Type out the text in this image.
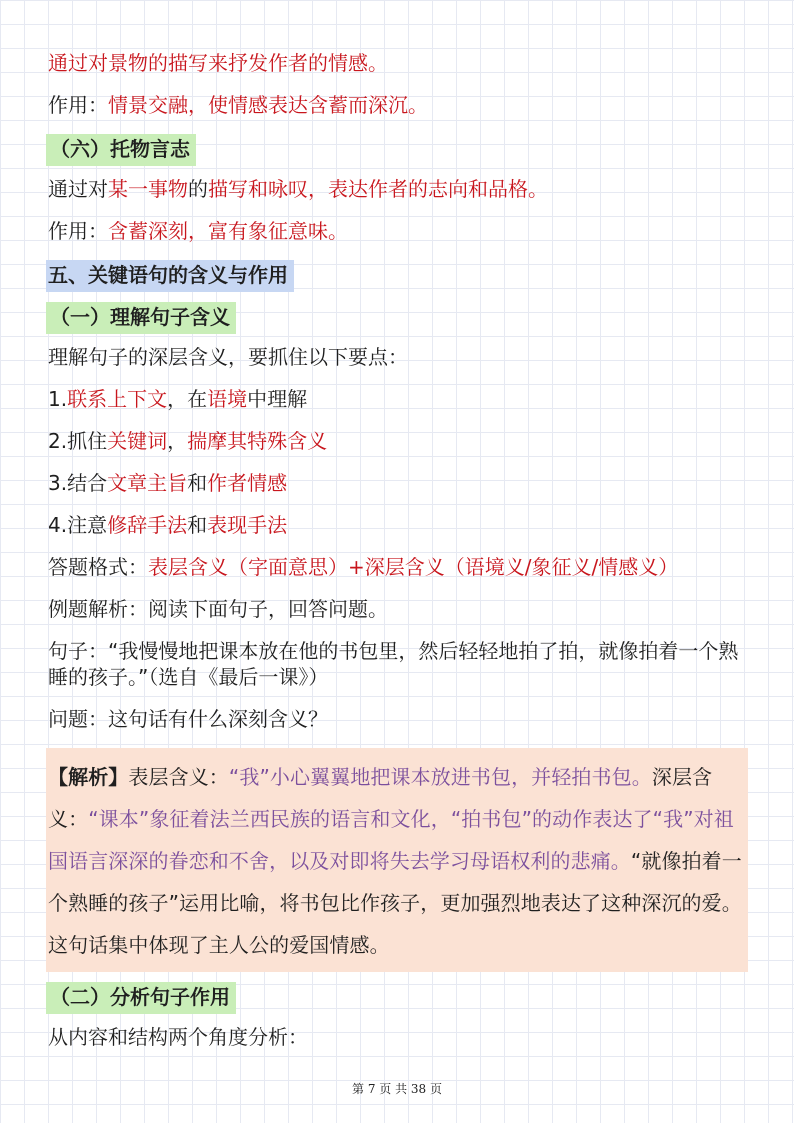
通过对景物的描写来抒发作者的情感。
作用：情景交融，使情感表达含蓄而深沉。
（六）托物言志
通过对某一事物的描写和咏叹，表达作者的志向和品格。
作用：含蓄深刻，富有象征意味。
五、关键语句的含义与作用
（一）理解句子含义
理解句子的深层含义，要抓住以下要点：
1.联系上下文，在语境中理解
2.抓住关键词，揣摩其特殊含义
3.结合文章主旨和作者情感
4.注意修辞手法和表现手法
答题格式：表层含义（字面意思）+深层含义（语境义/象征义/情感义）
例题解析：阅读下面句子，回答问题。
句子：“我慢慢地把课本放在他的书包里，然后轻轻地拍了拍，就像拍着一个熟睡的孩子。”（选自《最后一课》）
问题：这句话有什么深刻含义？

【解析】表层含义：“我”小心翼翼地把课本放进书包，并轻拍书包。深层含义：“课本”象征着法兰西民族的语言和文化，“拍书包”的动作表达了“我”对祖国语言深深的眷恋和不舍，以及对即将失去学习母语权利的悲痛。“就像拍着一个熟睡的孩子”运用比喻，将书包比作孩子，更加强烈地表达了这种深沉的爱。这句话集中体现了主人公的爱国情感。

（二）分析句子作用
从内容和结构两个角度分析：
第 7 页 共 38 页
